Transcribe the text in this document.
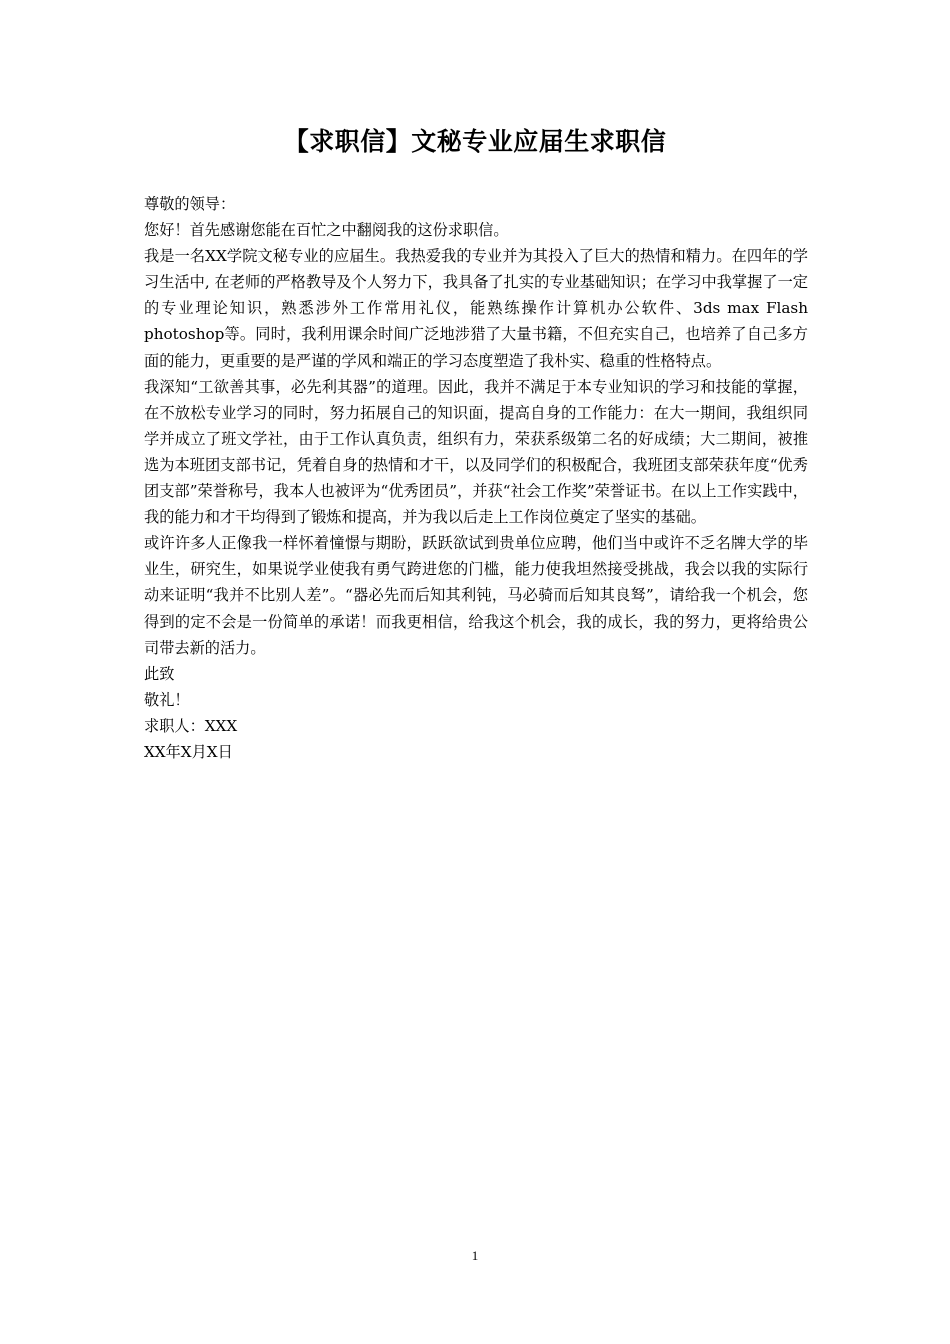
【求职信】文秘专业应届生求职信

尊敬的领导：

您好！首先感谢您能在百忙之中翻阅我的这份求职信。

我是一名XX学院文秘专业的应届生。我热爱我的专业并为其投入了巨大的热情和精力。在四年的学习生活中, 在老师的严格教导及个人努力下，我具备了扎实的专业基础知识；在学习中我掌握了一定的专业理论知识，熟悉涉外工作常用礼仪，能熟练操作计算机办公软件、3ds max Flash photoshop等。同时，我利用课余时间广泛地涉猎了大量书籍，不但充实自己，也培养了自己多方面的能力，更重要的是严谨的学风和端正的学习态度塑造了我朴实、稳重的性格特点。

我深知“工欲善其事，必先利其器”的道理。因此，我并不满足于本专业知识的学习和技能的掌握，在不放松专业学习的同时，努力拓展自己的知识面，提高自身的工作能力：在大一期间，我组织同学并成立了班文学社，由于工作认真负责，组织有力，荣获系级第二名的好成绩；大二期间，被推选为本班团支部书记，凭着自身的热情和才干，以及同学们的积极配合，我班团支部荣获年度“优秀团支部”荣誉称号，我本人也被评为“优秀团员”，并获“社会工作奖”荣誉证书。在以上工作实践中，我的能力和才干均得到了锻炼和提高，并为我以后走上工作岗位奠定了坚实的基础。

或许许多人正像我一样怀着憧憬与期盼，跃跃欲试到贵单位应聘，他们当中或许不乏名牌大学的毕业生，研究生，如果说学业使我有勇气跨进您的门槛，能力使我坦然接受挑战，我会以我的实际行动来证明“我并不比别人差”。“器必先而后知其利钝，马必骑而后知其良驽”，请给我一个机会，您得到的定不会是一份简单的承诺！而我更相信，给我这个机会，我的成长，我的努力，更将给贵公司带去新的活力。

此致

敬礼！

求职人：XXX

XX年X月X日

1
